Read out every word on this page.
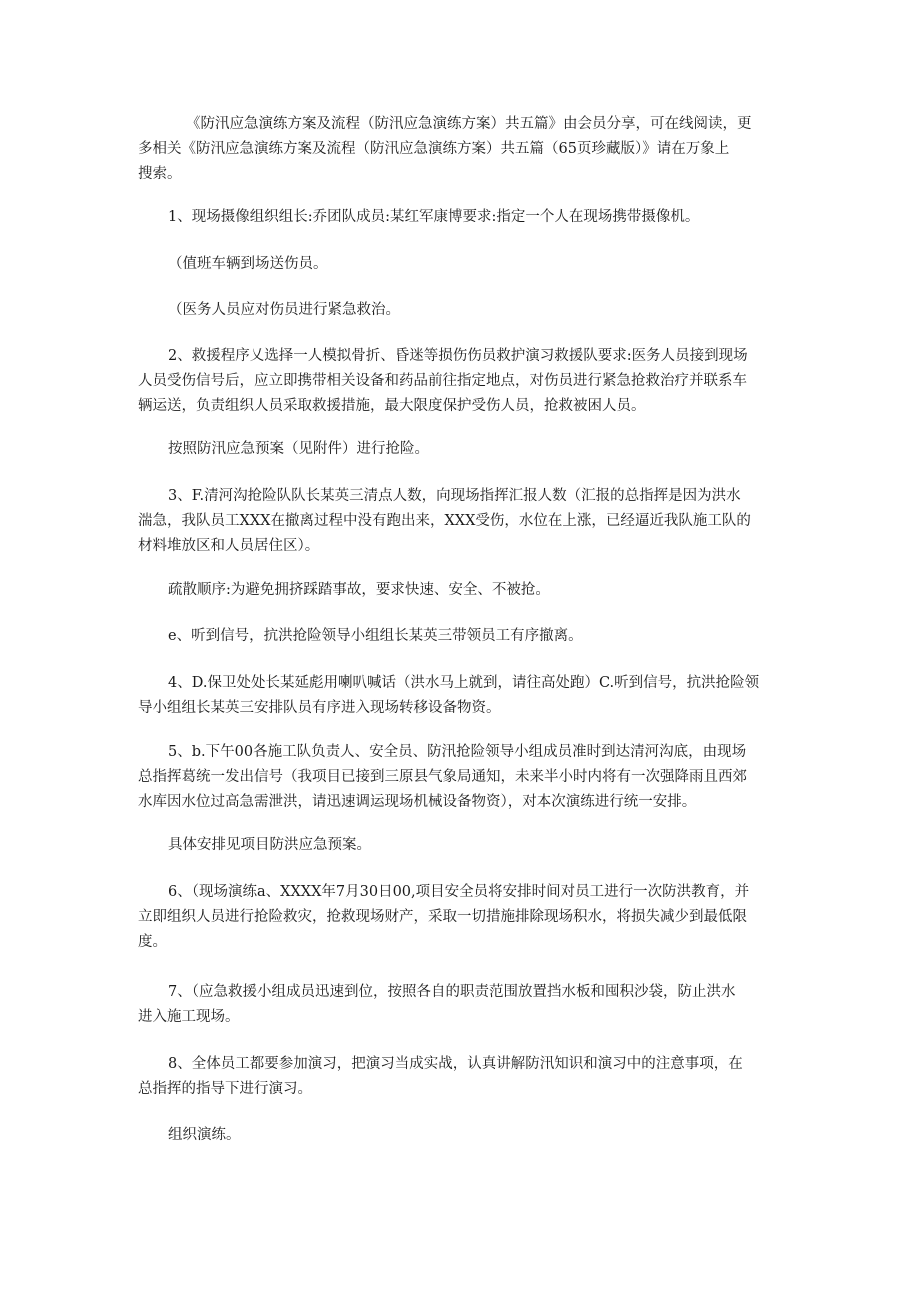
《防汛应急演练方案及流程（防汛应急演练方案）共五篇》由会员分享，可在线阅读，更
多相关《防汛应急演练方案及流程（防汛应急演练方案）共五篇（65页珍藏版）》请在万象上
搜索。

1、现场摄像组织组长:乔团队成员:某红军康博要求:指定一个人在现场携带摄像机。

（值班车辆到场送伤员。

（医务人员应对伤员进行紧急救治。

2、救援程序乂选择一人模拟骨折、昏迷等损伤伤员救护演习救援队要求:医务人员接到现场
人员受伤信号后，应立即携带相关设备和药品前往指定地点，对伤员进行紧急抢救治疗并联系车
辆运送，负责组织人员采取救援措施，最大限度保护受伤人员，抢救被困人员。

按照防汛应急预案（见附件）进行抢险。

3、F.清河沟抢险队队长某英三清点人数，向现场指挥汇报人数（汇报的总指挥是因为洪水
湍急，我队员工XXX在撤离过程中没有跑出来，XXX受伤，水位在上涨，已经逼近我队施工队的
材料堆放区和人员居住区）。

疏散顺序:为避免拥挤踩踏事故，要求快速、安全、不被抢。

e、听到信号，抗洪抢险领导小组组长某英三带领员工有序撤离。

4、D.保卫处处长某延彪用喇叭喊话（洪水马上就到，请往高处跑）C.听到信号，抗洪抢险领
导小组组长某英三安排队员有序进入现场转移设备物资。

5、b.下午00各施工队负责人、安全员、防汛抢险领导小组成员准时到达清河沟底，由现场
总指挥葛统一发出信号（我项目已接到三原县气象局通知，未来半小时内将有一次强降雨且西郊
水库因水位过高急需泄洪，请迅速调运现场机械设备物资），对本次演练进行统一安排。

具体安排见项目防洪应急预案。

6、（现场演练a、XXXX年7月30日00,项目安全员将安排时间对员工进行一次防洪教育，并
立即组织人员进行抢险救灾，抢救现场财产，采取一切措施排除现场积水，将损失减少到最低限
度。

7、（应急救援小组成员迅速到位，按照各自的职责范围放置挡水板和囤积沙袋，防止洪水
进入施工现场。

8、全体员工都要参加演习，把演习当成实战，认真讲解防汛知识和演习中的注意事项，在
总指挥的指导下进行演习。

组织演练。
